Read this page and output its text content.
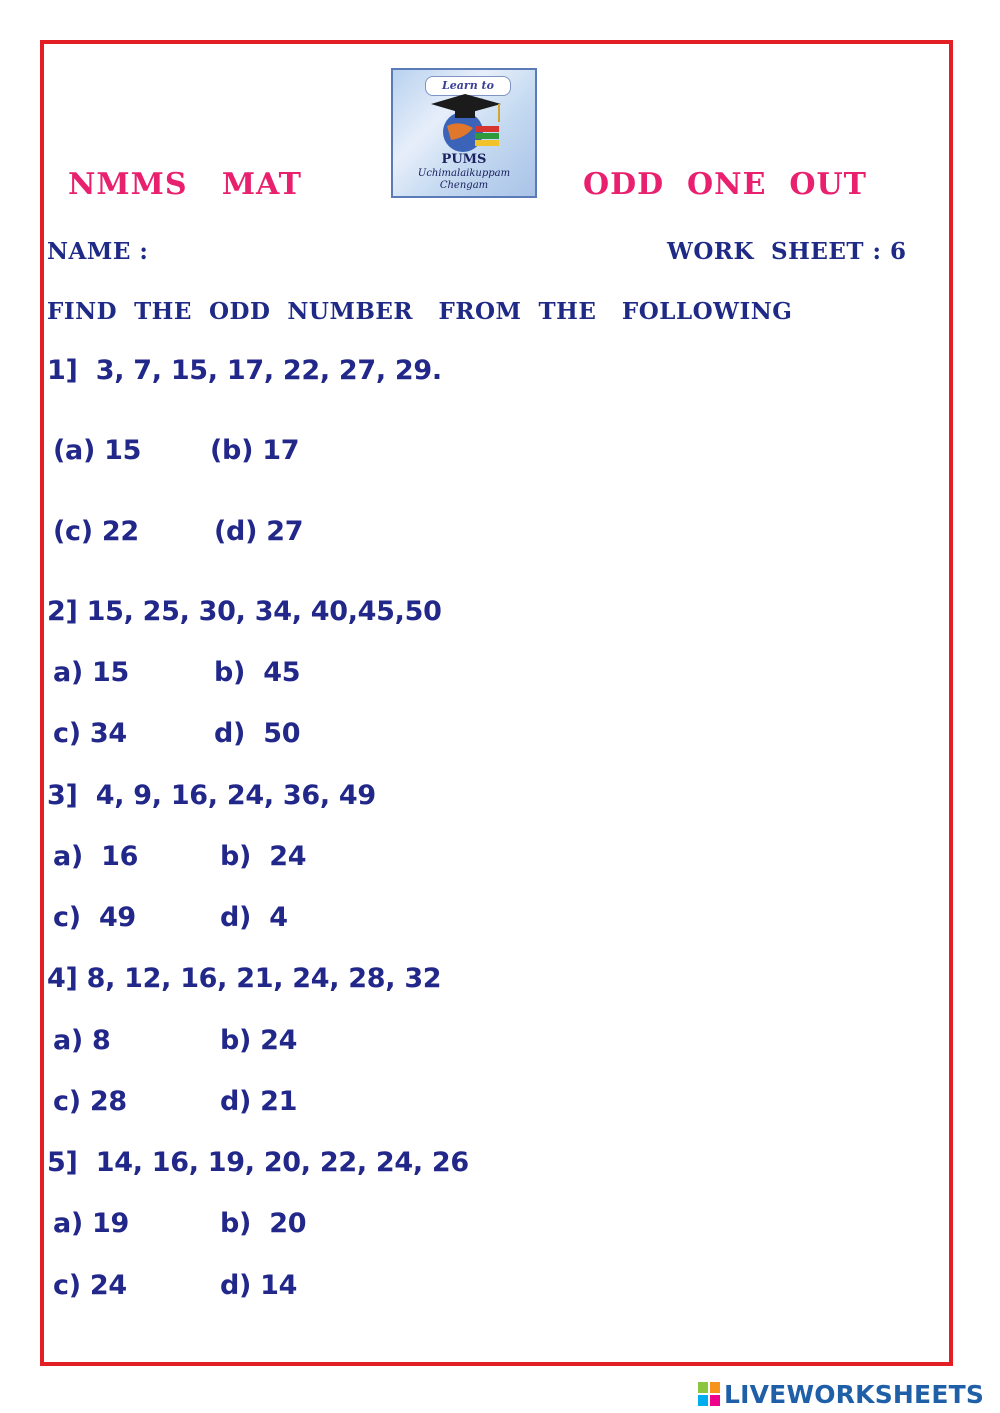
NMMS   MAT	ODD  ONE  OUT
Learn to
PUMS
Uchimalaikuppam
Chengam
NAME :	WORK  SHEET : 6
FIND  THE  ODD  NUMBER   FROM  THE   FOLLOWING
1]  3, 7, 15, 17, 22, 27, 29.
(a) 15	(b) 17
(c) 22	(d) 27
2] 15, 25, 30, 34, 40,45,50
a) 15	b)  45
c) 34	d)  50
3]  4, 9, 16, 24, 36, 49
a)  16	b)  24
c)  49	d)  4
4] 8, 12, 16, 21, 24, 28, 32
a) 8	b) 24
c) 28	d) 21
5]  14, 16, 19, 20, 22, 24, 26
a) 19	b)  20
c) 24	d) 14
LIVEWORKSHEETS
